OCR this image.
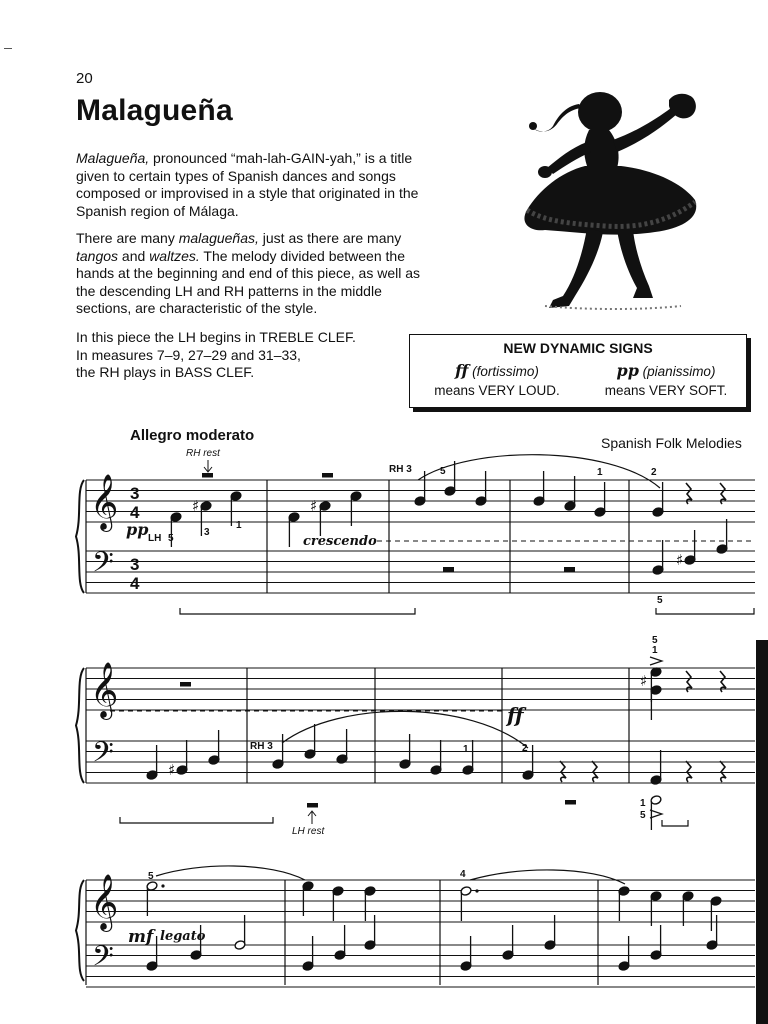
20
Malagueña
Malagueña, pronounced “mah-lah-GAIN-yah,” is a title
given to certain types of Spanish dances and songs
composed or improvised in a style that originated in the
Spanish region of Málaga.
There are many malagueñas, just as there are many
tangos and waltzes. The melody divided between the
hands at the beginning and end of this piece, as well as
the descending LH and RH patterns in the middle
sections, are characteristic of the style.
In this piece the LH begins in TREBLE CLEF.
In measures 7–9, 27–29 and 31–33,
the RH plays in BASS CLEF.
NEW DYNAMIC SIGNS
ff (fortissimo)
means VERY LOUD.
pp (pianissimo)
means VERY SOFT.
Allegro moderato	Spanish Folk Melodies
𝄞
𝄢
3
4
3
4
RH rest
♯
pp LH 5
3
1
♯
crescendo
RH 3	5	1	2
♯
5
𝄞
𝄢
ff
5
1
♯
♯
RH 3	1	2
LH rest
1
5
𝄞
𝄢
5	4
mf legato
